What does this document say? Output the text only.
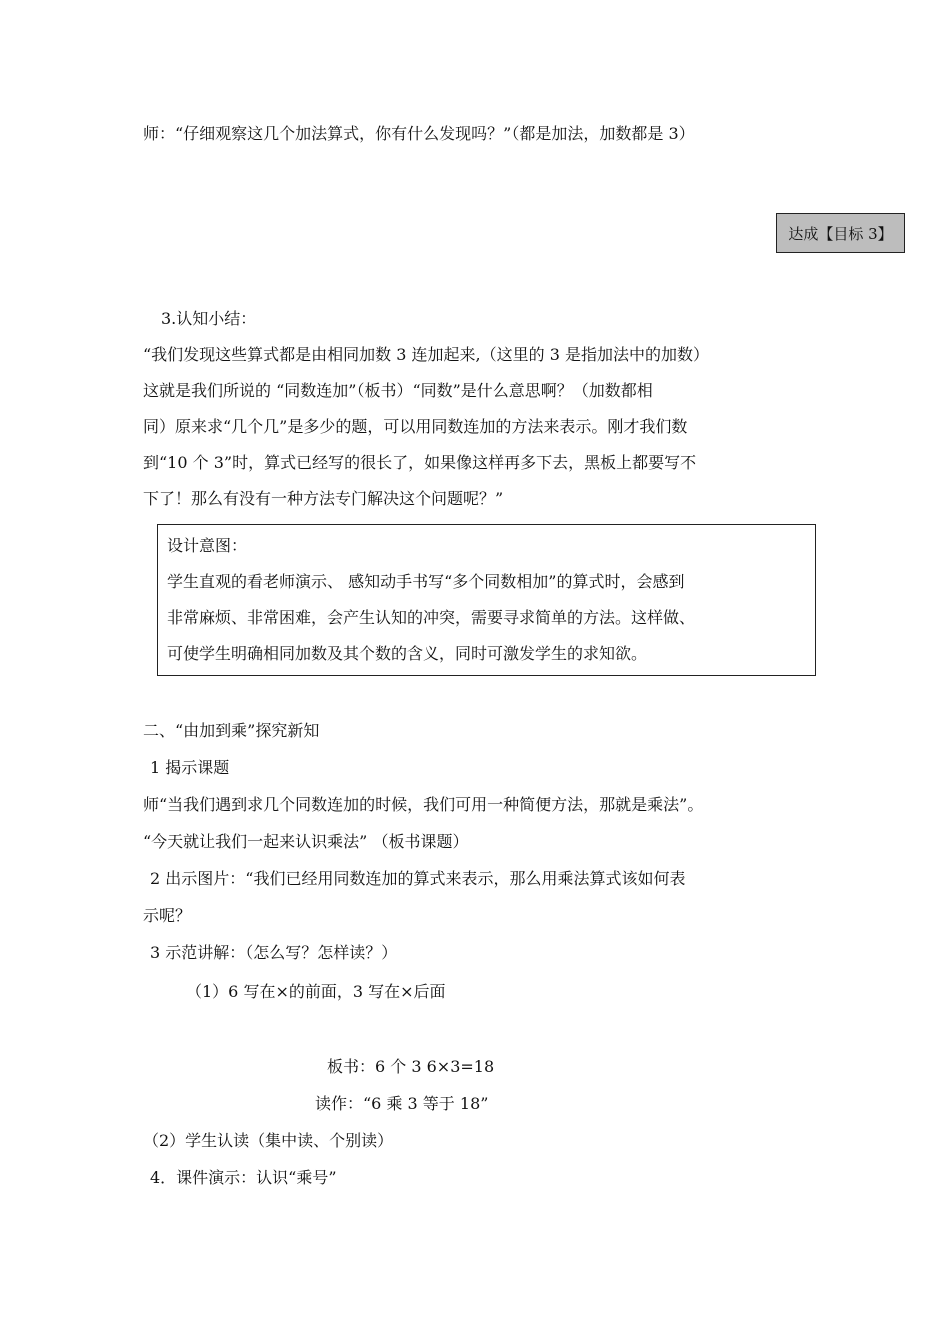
师：“仔细观察这几个加法算式，你有什么发现吗？”（都是加法，加数都是 3）
达成【目标 3】
3.认知小结：
“我们发现这些算式都是由相同加数 3 连加起来,（这里的 3 是指加法中的加数）
这就是我们所说的 “同数连加”（板书）“同数”是什么意思啊？（加数都相
同）原来求“几个几”是多少的题，可以用同数连加的方法来表示。刚才我们数
到“10 个 3”时，算式已经写的很长了，如果像这样再多下去，黑板上都要写不
下了！那么有没有一种方法专门解决这个问题呢？”
设计意图：
学生直观的看老师演示、 感知动手书写“多个同数相加”的算式时，会感到
非常麻烦、非常困难，会产生认知的冲突，需要寻求简单的方法。这样做、
可使学生明确相同加数及其个数的含义，同时可激发学生的求知欲。
二、“由加到乘”探究新知
1 揭示课题
师“当我们遇到求几个同数连加的时候，我们可用一种简便方法，那就是乘法”。
“今天就让我们一起来认识乘法” （板书课题）
2 出示图片：“我们已经用同数连加的算式来表示，那么用乘法算式该如何表
示呢？
3 示范讲解：（怎么写？怎样读？）
（1）6 写在×的前面，3 写在×后面
板书：6 个 3 6×3=18
读作：“6 乘 3 等于 18”
（2）学生认读（集中读、个别读）
4．课件演示：认识“乘号”
